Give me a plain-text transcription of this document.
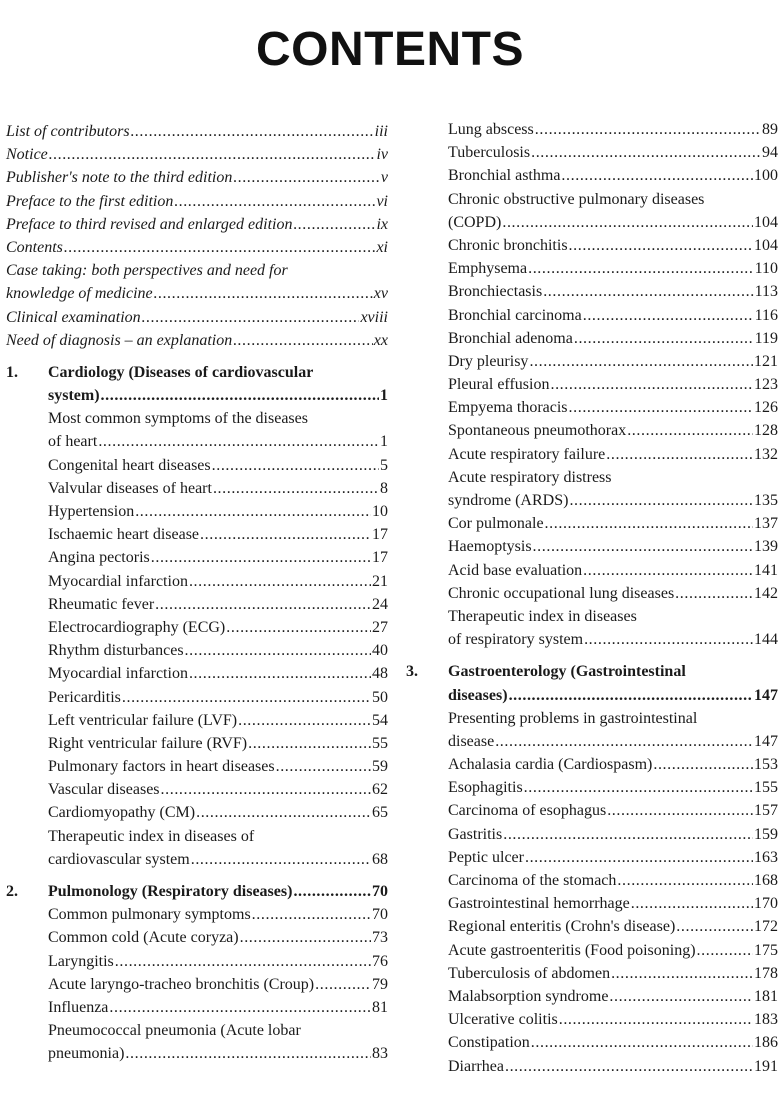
CONTENTS
List of contributors .....	iii
Notice .....	iv
Publisher's note to the third edition .....	v
Preface to the first edition .....	vi
Preface to third revised and enlarged edition .....	ix
Contents .....	xi
Case taking: both perspectives and need for
knowledge of medicine .....	xv
Clinical examination .....	xviii
Need of diagnosis – an explanation .....	xx
1.	Cardiology (Diseases of cardiovascular
system) .....	1
Most common symptoms of the diseases
of heart .....	1
Congenital heart diseases .....	5
Valvular diseases of heart .....	8
Hypertension .....	10
Ischaemic heart disease .....	17
Angina pectoris .....	17
Myocardial infarction .....	21
Rheumatic fever .....	24
Electrocardiography (ECG) .....	27
Rhythm disturbances .....	40
Myocardial infarction .....	48
Pericarditis .....	50
Left ventricular failure (LVF) .....	54
Right ventricular failure (RVF) .....	55
Pulmonary factors in heart diseases .....	59
Vascular diseases .....	62
Cardiomyopathy (CM) .....	65
Therapeutic index in diseases of
cardiovascular system .....	68
2.	Pulmonology (Respiratory diseases) .....	70
Common pulmonary symptoms .....	70
Common cold (Acute coryza) .....	73
Laryngitis .....	76
Acute laryngo-tracheo bronchitis (Croup) .....	79
Influenza .....	81
Pneumococcal pneumonia (Acute lobar
pneumonia) .....	83
Lung abscess .....	89
Tuberculosis .....	94
Bronchial asthma .....	100
Chronic obstructive pulmonary diseases
(COPD) .....	104
Chronic bronchitis .....	104
Emphysema .....	110
Bronchiectasis .....	113
Bronchial carcinoma .....	116
Bronchial adenoma .....	119
Dry pleurisy .....	121
Pleural effusion .....	123
Empyema thoracis .....	126
Spontaneous pneumothorax .....	128
Acute respiratory failure .....	132
Acute respiratory distress
syndrome (ARDS) .....	135
Cor pulmonale .....	137
Haemoptysis .....	139
Acid base evaluation .....	141
Chronic occupational lung diseases .....	142
Therapeutic index in diseases
of respiratory system .....	144
3.	Gastroenterology (Gastrointestinal
diseases) .....	147
Presenting problems in gastrointestinal
disease .....	147
Achalasia cardia (Cardiospasm) .....	153
Esophagitis .....	155
Carcinoma of esophagus .....	157
Gastritis .....	159
Peptic ulcer .....	163
Carcinoma of the stomach .....	168
Gastrointestinal hemorrhage .....	170
Regional enteritis (Crohn's disease) .....	172
Acute gastroenteritis (Food poisoning) .....	175
Tuberculosis of abdomen .....	178
Malabsorption syndrome .....	181
Ulcerative colitis .....	183
Constipation .....	186
Diarrhea .....	191
